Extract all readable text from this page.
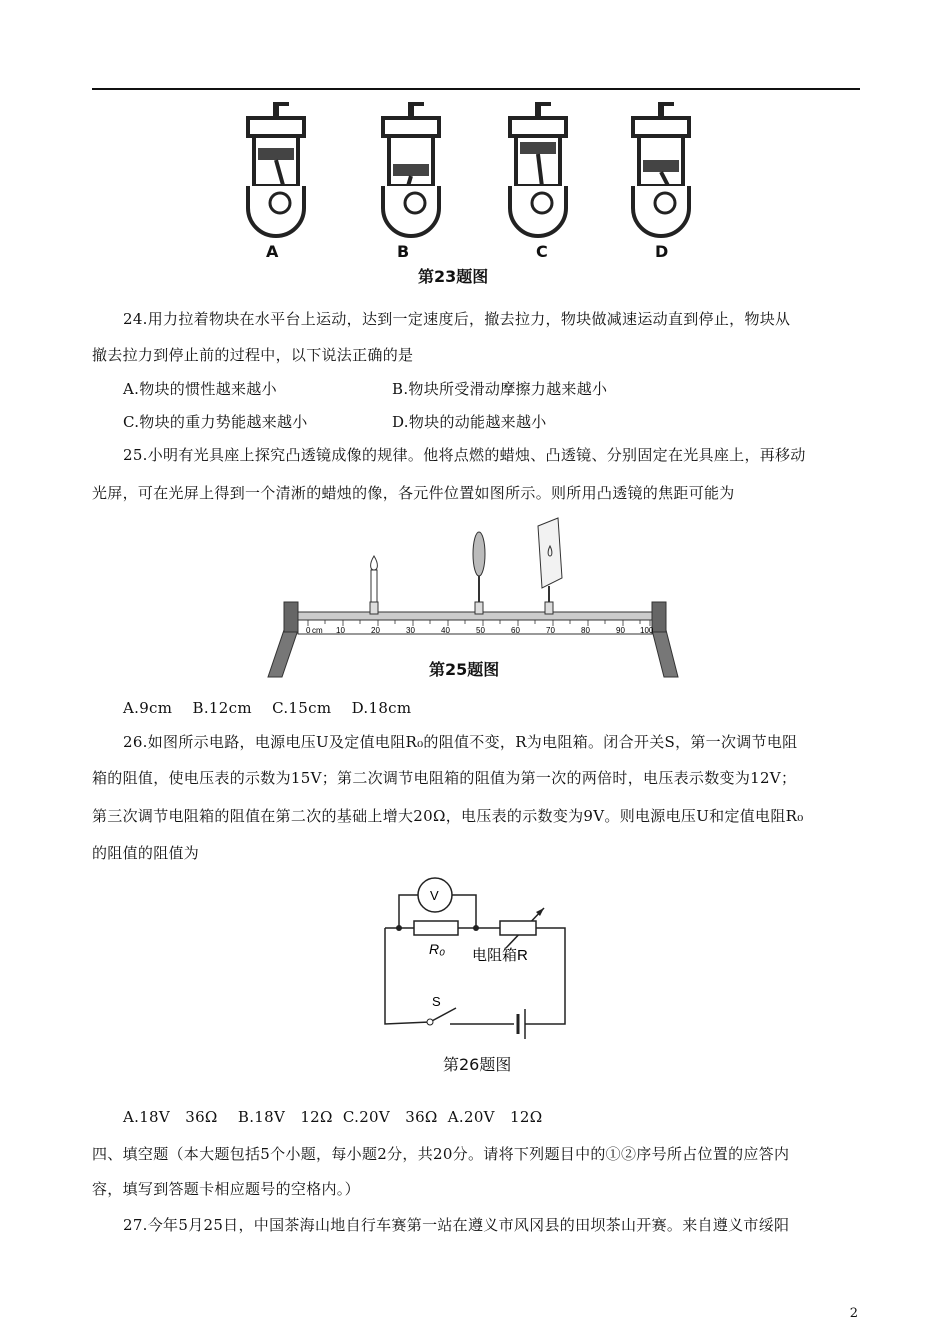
A	B	C	D
第23题图
24.用力拉着物块在水平台上运动，达到一定速度后，撤去拉力，物块做减速运动直到停止，物块从
撤去拉力到停止前的过程中，以下说法正确的是
A.物块的惯性越来越小	B.物块所受滑动摩擦力越来越小
C.物块的重力势能越来越小	D.物块的动能越来越小
25.小明有光具座上探究凸透镜成像的规律。他将点燃的蜡烛、凸透镜、分别固定在光具座上，再移动
光屏，可在光屏上得到一个清淅的蜡烛的像，各元件位置如图所示。则所用凸透镜的焦距可能为
0 cm 10	20	30	40	50	60	70	80	90 100
第25题图
A.9cm    B.12cm    C.15cm    D.18cm
26.如图所示电路，电源电压U及定值电阻R₀的阻值不变，R为电阻箱。闭合开关S，第一次调节电阻
箱的阻值，使电压表的示数为15V；第二次调节电阻箱的阻值为第一次的两倍时，电压表示数变为12V；
第三次调节电阻箱的阻值在第二次的基础上增大20Ω，电压表的示数变为9V。则电源电压U和定值电阻R₀
的阻值的阻值为
V
R₀ 电阻箱R
S
第26题图
A.18V   36Ω    B.18V   12Ω  C.20V   36Ω  A.20V   12Ω
四、填空题（本大题包括5个小题，每小题2分，共20分。请将下列题目中的①②序号所占位置的应答内
容，填写到答题卡相应题号的空格内。）
27.今年5月25日，中国茶海山地自行车赛第一站在遵义市风冈县的田坝茶山开赛。来自遵义市绥阳
2
